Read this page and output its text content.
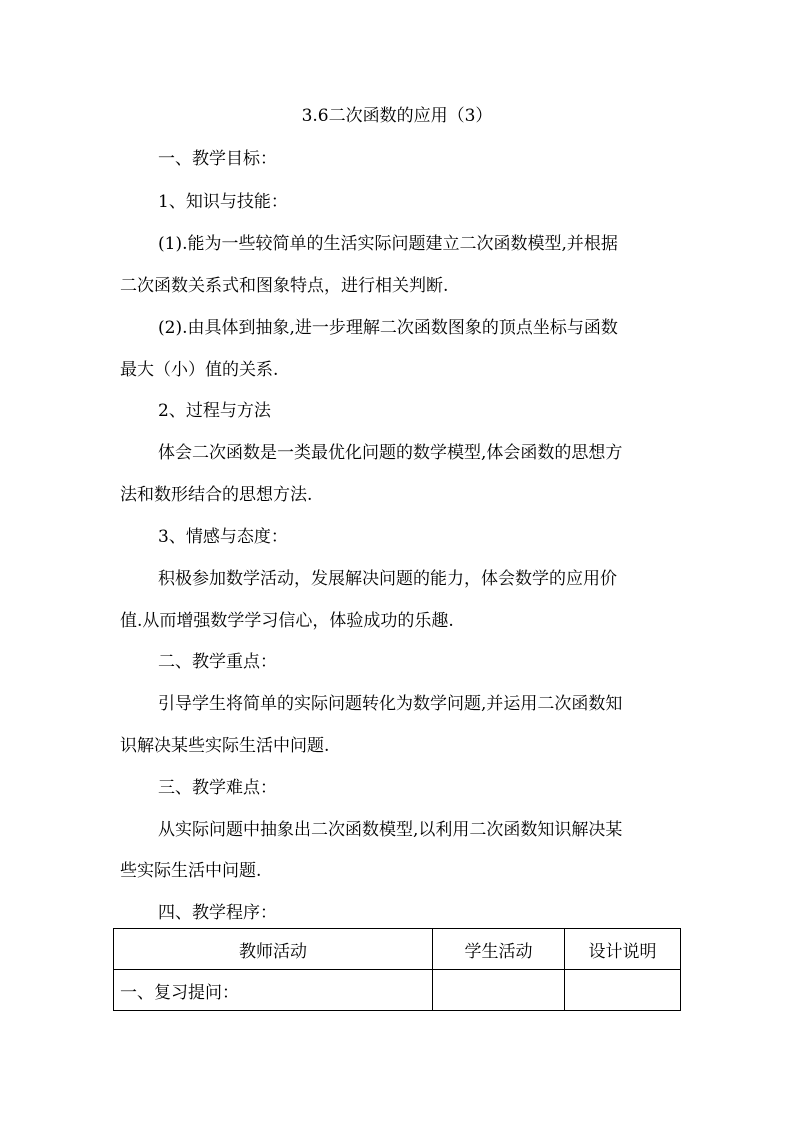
3.6二次函数的应用（3）
一、教学目标：
1、知识与技能：
(1).能为一些较简单的生活实际问题建立二次函数模型,并根据
二次函数关系式和图象特点，进行相关判断.
(2).由具体到抽象,进一步理解二次函数图象的顶点坐标与函数
最大（小）值的关系.
2、过程与方法
体会二次函数是一类最优化问题的数学模型,体会函数的思想方
法和数形结合的思想方法.
3、情感与态度：
积极参加数学活动，发展解决问题的能力，体会数学的应用价
值.从而增强数学学习信心，体验成功的乐趣.
二、教学重点：
引导学生将简单的实际问题转化为数学问题,并运用二次函数知
识解决某些实际生活中问题.
三、教学难点：
从实际问题中抽象出二次函数模型,以利用二次函数知识解决某
些实际生活中问题.
四、教学程序：
教师活动	学生活动	设计说明
一、复习提问：		
